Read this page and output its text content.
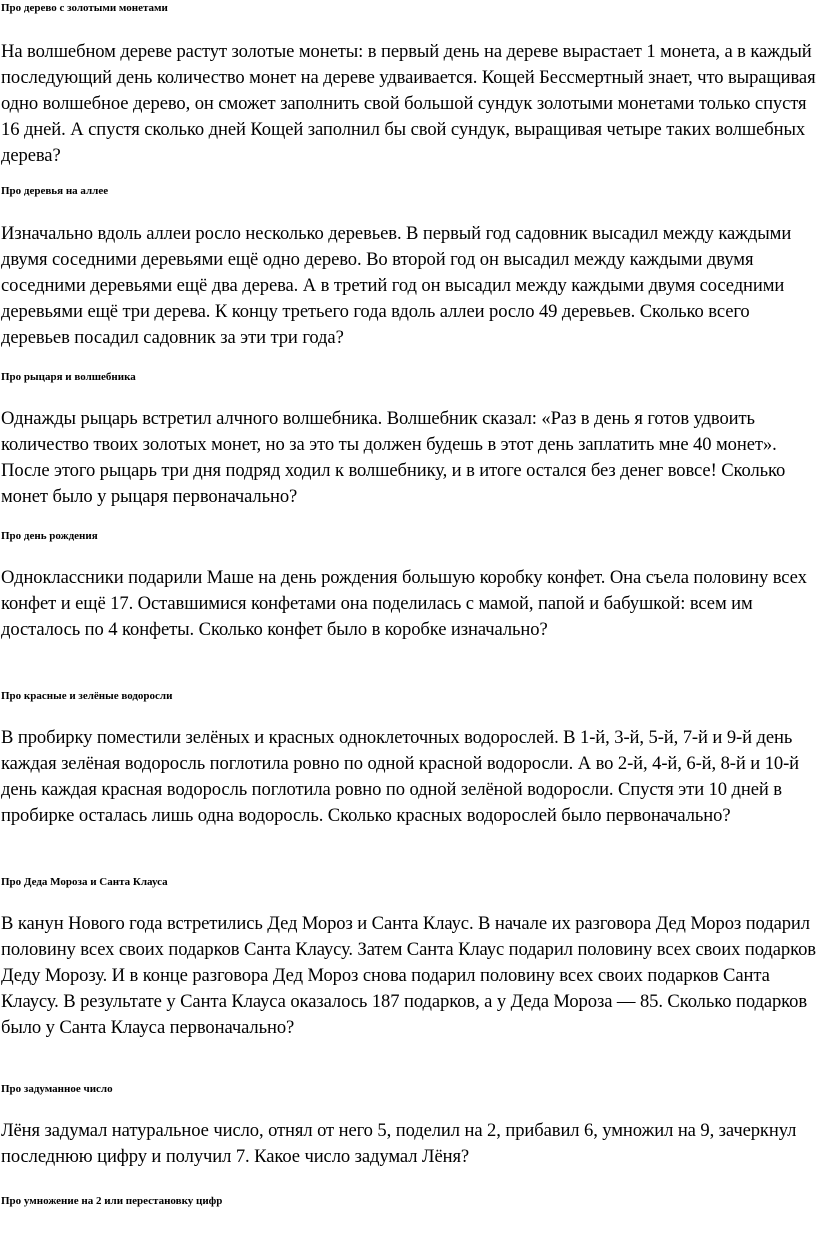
Про дерево с золотыми монетами

На волшебном дереве растут золотые монеты: в первый день на дереве вырастает 1 монета, а в каждый последующий день количество монет на дереве удваивается. Кощей Бессмертный знает, что выращивая одно волшебное дерево, он сможет заполнить свой большой сундук золотыми монетами только спустя 16 дней. А спустя сколько дней Кощей заполнил бы свой сундук, выращивая четыре таких волшебных дерева?

Про деревья на аллее

Изначально вдоль аллеи росло несколько деревьев. В первый год садовник высадил между каждыми двумя соседними деревьями ещё одно дерево. Во второй год он высадил между каждыми двумя соседними деревьями ещё два дерева. А в третий год он высадил между каждыми двумя соседними деревьями ещё три дерева. К концу третьего года вдоль аллеи росло 49 деревьев. Сколько всего деревьев посадил садовник за эти три года?

Про рыцаря и волшебника

Однажды рыцарь встретил алчного волшебника. Волшебник сказал: «Раз в день я готов удвоить количество твоих золотых монет, но за это ты должен будешь в этот день заплатить мне 40 монет». После этого рыцарь три дня подряд ходил к волшебнику, и в итоге остался без денег вовсе! Сколько монет было у рыцаря первоначально?

Про день рождения

Одноклассники подарили Маше на день рождения большую коробку конфет. Она съела половину всех конфет и ещё 17. Оставшимися конфетами она поделилась с мамой, папой и бабушкой: всем им досталось по 4 конфеты. Сколько конфет было в коробке изначально?

Про красные и зелёные водоросли

В пробирку поместили зелёных и красных одноклеточных водорослей. В 1-й, 3-й, 5-й, 7-й и 9-й день каждая зелёная водоросль поглотила ровно по одной красной водоросли. А во 2-й, 4-й, 6-й, 8-й и 10-й день каждая красная водоросль поглотила ровно по одной зелёной водоросли. Спустя эти 10 дней в пробирке осталась лишь одна водоросль. Сколько красных водорослей было первоначально?

Про Деда Мороза и Санта Клауса

В канун Нового года встретились Дед Мороз и Санта Клаус. В начале их разговора Дед Мороз подарил половину всех своих подарков Санта Клаусу. Затем Санта Клаус подарил половину всех своих подарков Деду Морозу. И в конце разговора Дед Мороз снова подарил половину всех своих подарков Санта Клаусу. В результате у Санта Клауса оказалось 187 подарков, а у Деда Мороза — 85. Сколько подарков было у Санта Клауса первоначально?

Про задуманное число

Лёня задумал натуральное число, отнял от него 5, поделил на 2, прибавил 6, умножил на 9, зачеркнул последнюю цифру и получил 7. Какое число задумал Лёня?

Про умножение на 2 или перестановку цифр
